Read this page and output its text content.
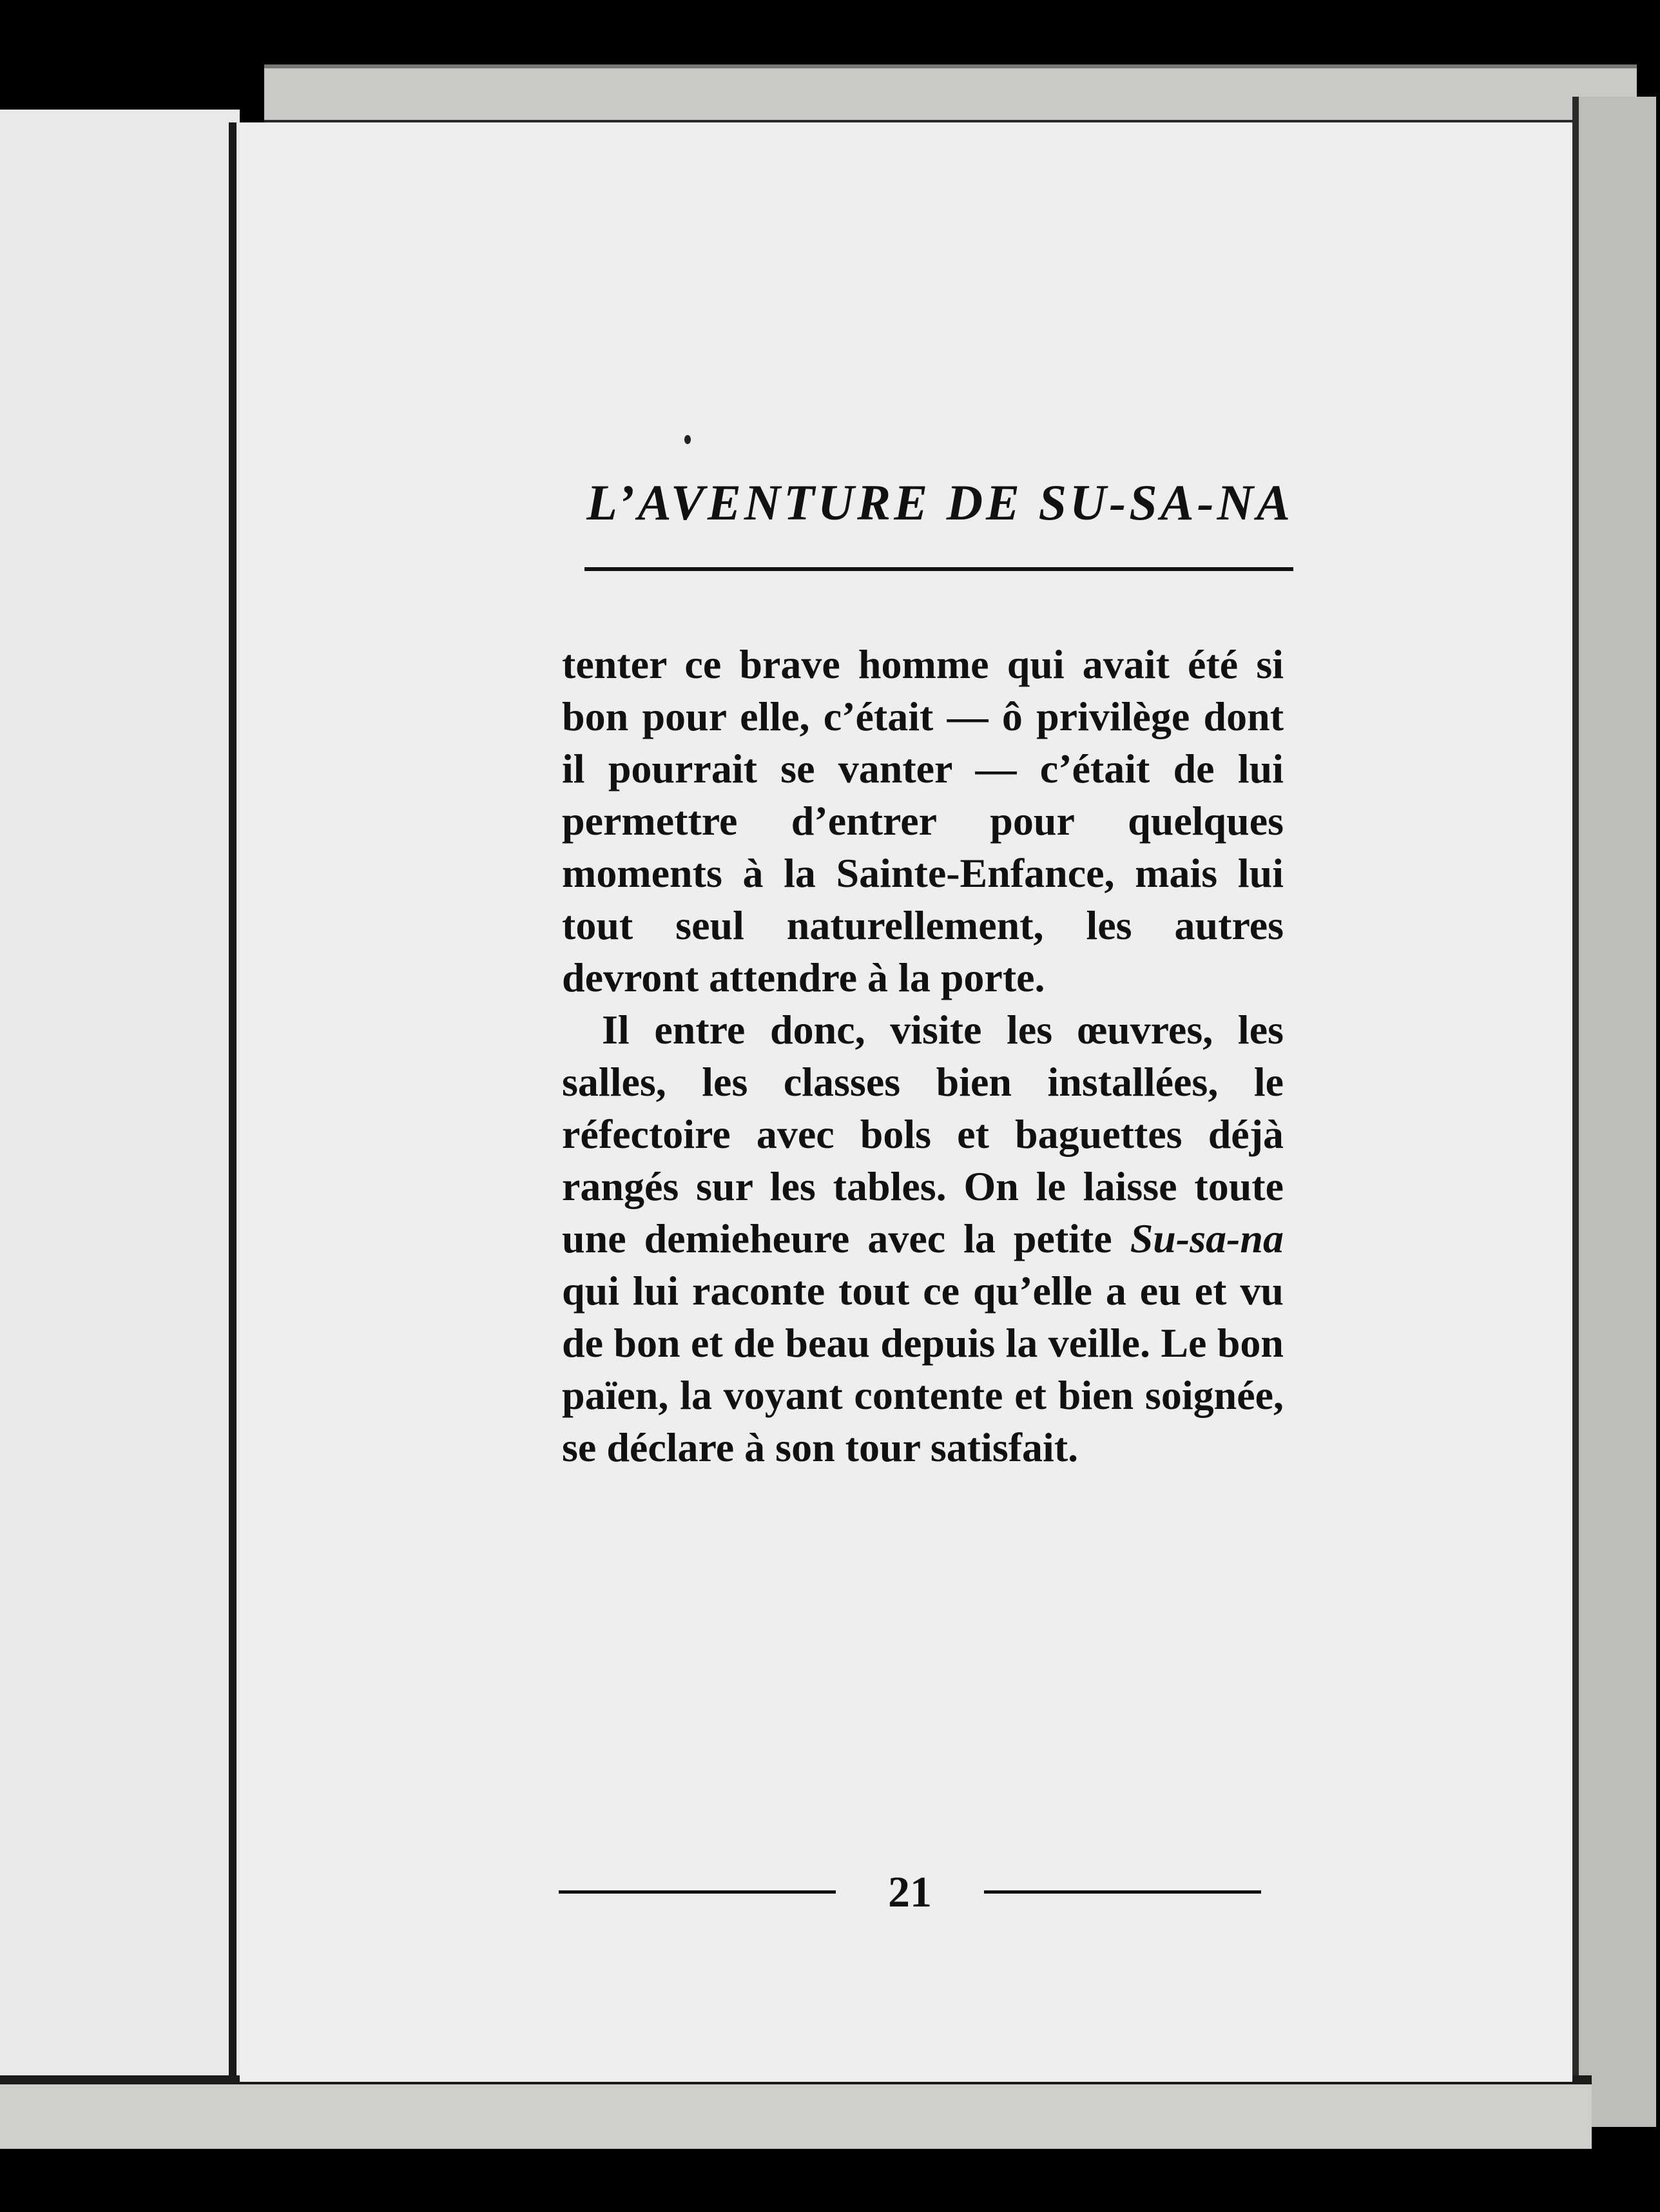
L’AVENTURE DE SU-SA-NA

tenter ce brave homme qui avait été si bon pour elle, c’était — ô privilège dont il pourrait se vanter — c’était de lui permettre d’entrer pour quelques moments à la Sainte-Enfance, mais lui tout seul naturellement, les autres devront attendre à la porte.

Il entre donc, visite les œuvres, les salles, les classes bien installées, le réfectoire avec bols et baguettes déjà rangés sur les tables. On le laisse toute une demieheure avec la petite Su-sa-na qui lui raconte tout ce qu’elle a eu et vu de bon et de beau depuis la veille. Le bon païen, la voyant contente et bien soignée, se déclare à son tour satisfait.

21
